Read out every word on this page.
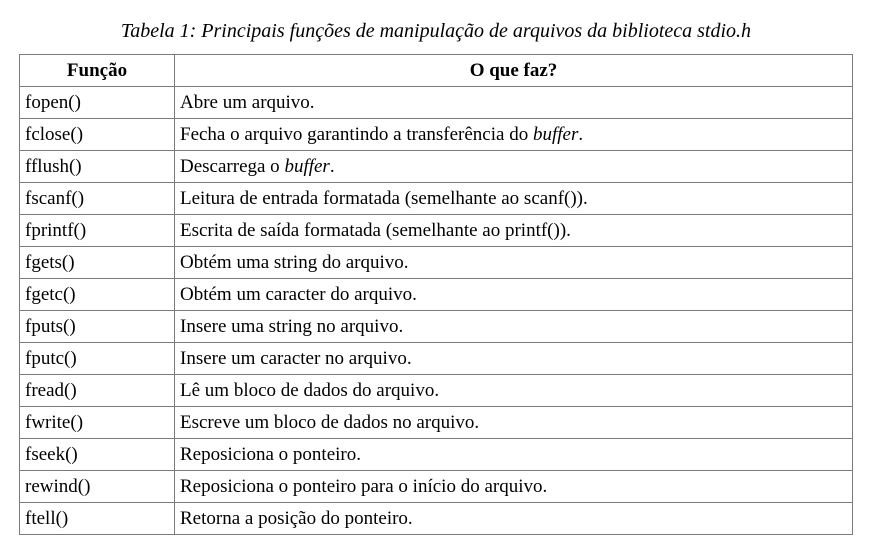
Tabela 1: Principais funções de manipulação de arquivos da biblioteca stdio.h
Função	O que faz?
fopen()	Abre um arquivo.
fclose()	Fecha o arquivo garantindo a transferência do buffer.
fflush()	Descarrega o buffer.
fscanf()	Leitura de entrada formatada (semelhante ao scanf()).
fprintf()	Escrita de saída formatada (semelhante ao printf()).
fgets()	Obtém uma string do arquivo.
fgetc()	Obtém um caracter do arquivo.
fputs()	Insere uma string no arquivo.
fputc()	Insere um caracter no arquivo.
fread()	Lê um bloco de dados do arquivo.
fwrite()	Escreve um bloco de dados no arquivo.
fseek()	Reposiciona o ponteiro.
rewind()	Reposiciona o ponteiro para o início do arquivo.
ftell()	Retorna a posição do ponteiro.
